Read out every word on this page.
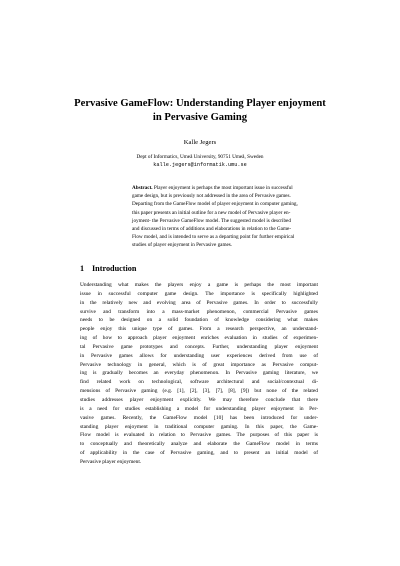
Pervasive GameFlow: Understanding Player enjoyment
in Pervasive Gaming
Kalle Jegers
Dept of Informatics, Umeå University, 90751 Umeå, Sweden
kalle.jegers@informatik.umu.se
Abstract. Player enjoyment is perhaps the most important issue in successful
game design, but is previously not addressed in the area of Pervasive games.
Departing from the GameFlow model of player enjoyment in computer gaming,
this paper presents an initial outline for a new model of Pervasive player en-
joyment- the Pervasive GameFlow model. The suggested model is described
and discussed in terms of additions and elaborations in relation to the Game-
Flow model, and is intended to serve as a departing point for further empirical
studies of player enjoyment in Pervasive games.
1 Introduction
Understanding what makes the players enjoy a game is perhaps the most important
issue in successful computer game design. The importance is specifically highlighted
in the relatively new and evolving area of Pervasive games. In order to successfully
survive and transform into a mass-market phenomenon, commercial Pervasive games
needs to be designed on a solid foundation of knowledge considering what makes
people enjoy this unique type of games. From a research perspective, an understand-
ing of how to approach player enjoyment enriches evaluation in studies of experimen-
tal Pervasive game prototypes and concepts. Further, understanding player enjoyment
in Pervasive games allows for understanding user experiences derived from use of
Pervasive technology in general, which is of great importance as Pervasive comput-
ing is gradually becomes an everyday phenomenon. In Pervasive gaming literature, we
find related work on technological, software architectural and social/contextual di-
mensions of Pervasive gaming (e.g. [1], [2], [3], [7], [8], [9]) but none of the related
studies addresses player enjoyment explicitly. We may therefore conclude that there
is a need for studies establishing a model for understanding player enjoyment in Per-
vasive games. Recently, the GameFlow model [10] has been introduced for under-
standing player enjoyment in traditional computer gaming. In this paper, the Game-
Flow model is evaluated in relation to Pervasive games. The purposes of this paper is
to conceptually and theoretically analyze and elaborate the GameFlow model in terms
of applicability in the case of Pervasive gaming, and to present an initial model of
Pervasive player enjoyment.
